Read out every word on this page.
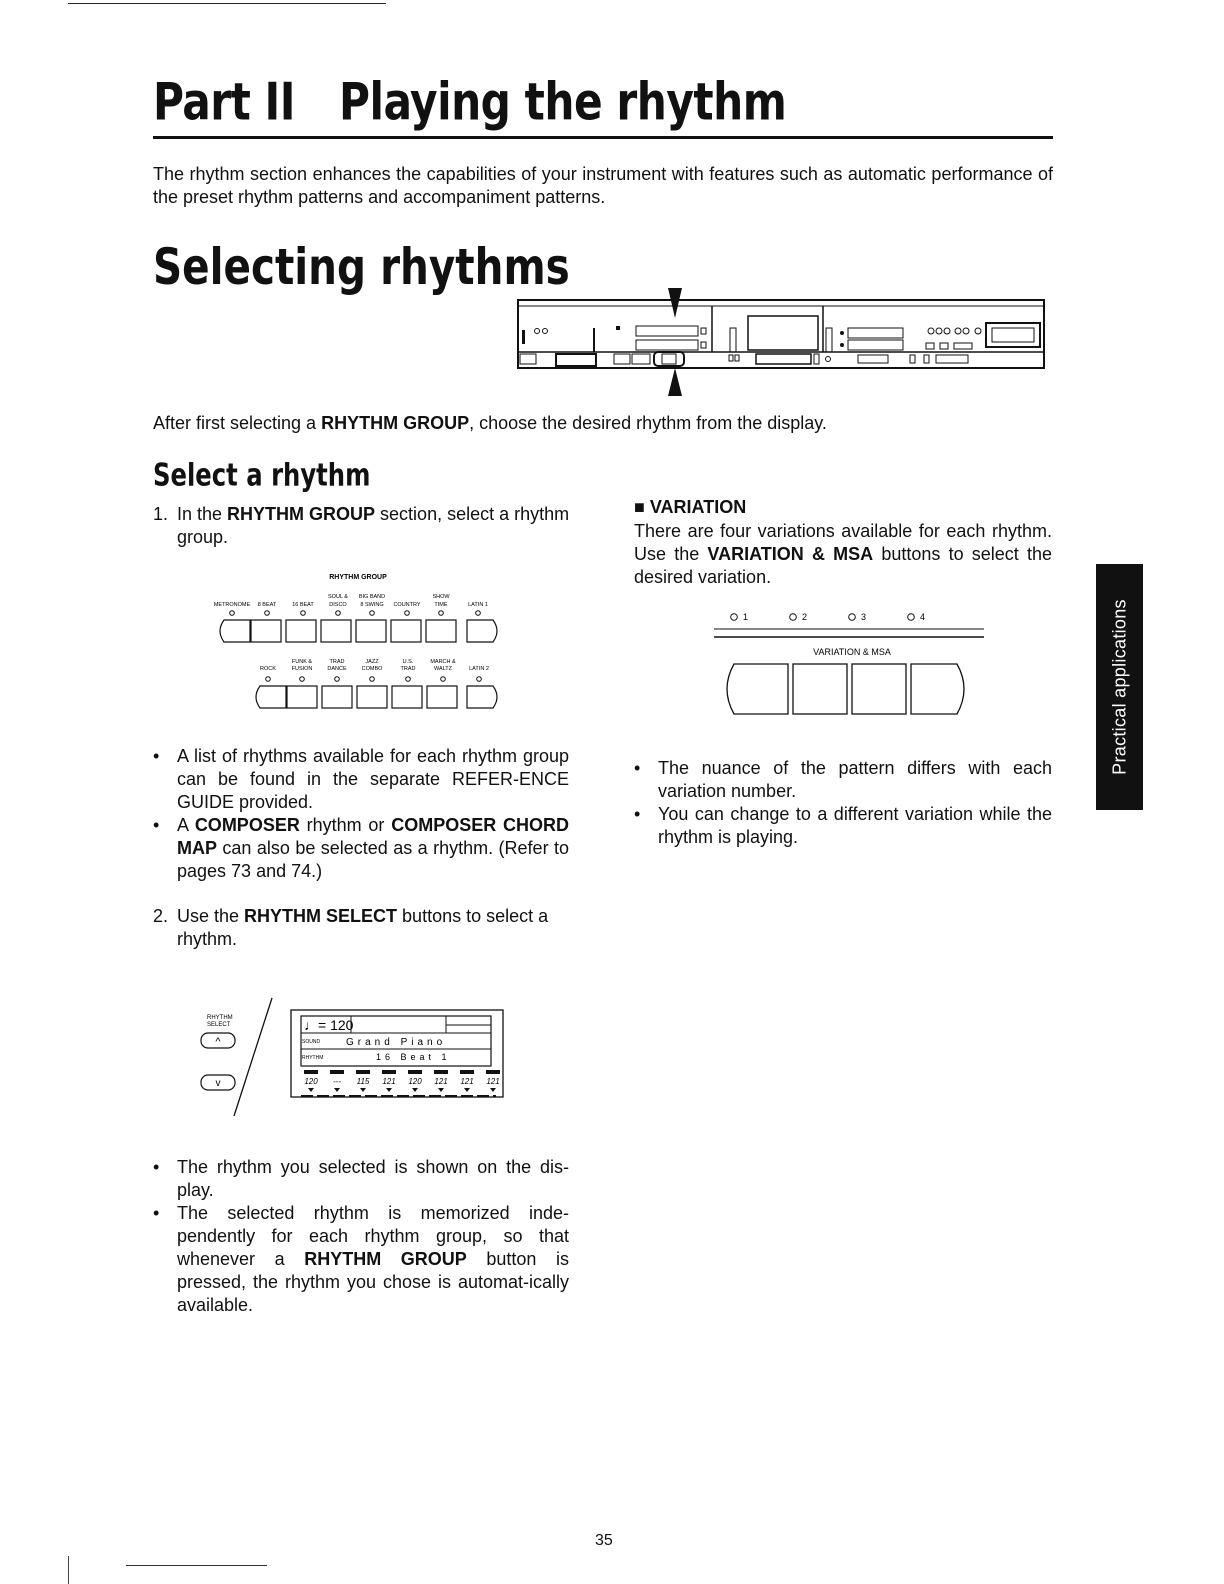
Part II Playing the rhythm
The rhythm section enhances the capabilities of your instrument with features such as automatic performance of the preset rhythm patterns and accompaniment patterns.
Selecting rhythms
After first selecting a RHYTHM GROUP, choose the desired rhythm from the display.
Select a rhythm
1. In the RHYTHM GROUP section, select a rhythm group.
RHYTHM GROUP
METRONOME 8 BEAT	16 BEAT	DISCO
SOUL &
8 SWING
BIG BAND
COUNTRY	TIME
SHOW
LATIN 1
ROCK	FUSION
FUNK &
DANCE
TRAD
COMBO
JAZZ
TRAD
U.S.
WALTZ
MARCH &
LATIN 2
• A list of rhythms available for each rhythm group can be found in the separate REFER-ENCE GUIDE provided.
• A COMPOSER rhythm or COMPOSER CHORD MAP can also be selected as a rhythm. (Refer to pages 73 and 74.)
2. Use the RHYTHM SELECT buttons to select a rhythm.
RHYTHM
SELECT
^
v
♩= 120
SOUND
RHYTHM
Grand Piano
16 Beat 1
120 --- 115 121 120 121 121 121
• The rhythm you selected is shown on the dis-play.
• The selected rhythm is memorized inde-pendently for each rhythm group, so that whenever a RHYTHM GROUP button is pressed, the rhythm you chose is automat-ically available.
■ VARIATION
There are four variations available for each rhythm. Use the VARIATION & MSA buttons to select the desired variation.
1	2	3	4
VARIATION & MSA
• The nuance of the pattern differs with each variation number.
• You can change to a different variation while the rhythm is playing.
Practical applications
35
